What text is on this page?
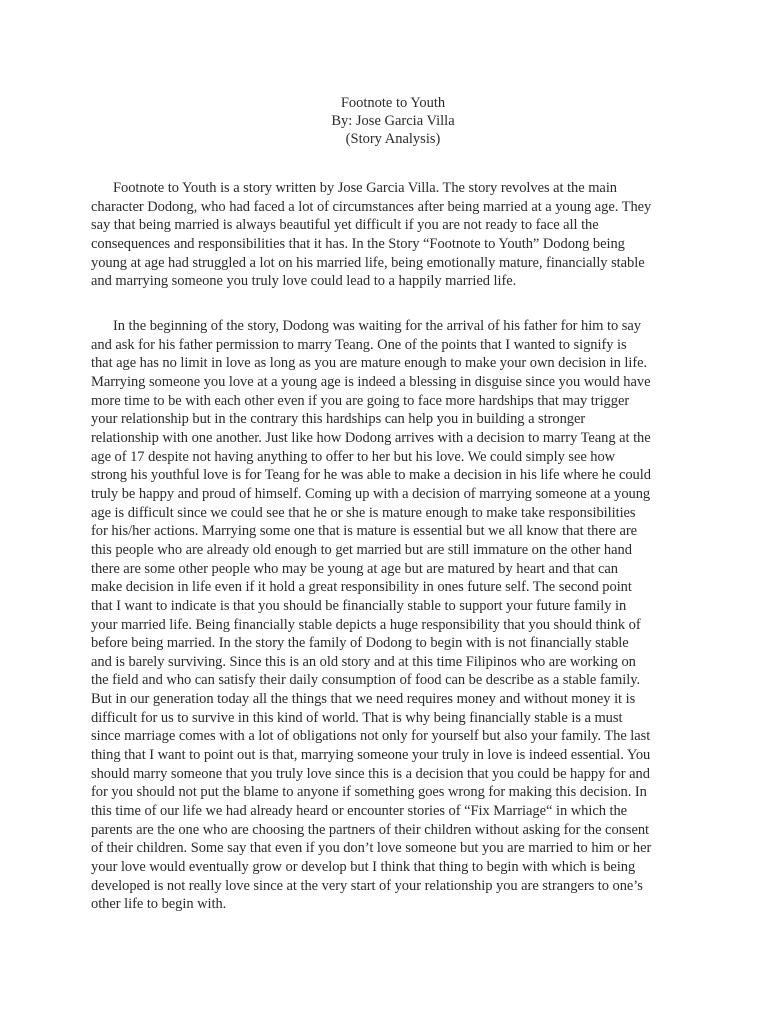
Footnote to Youth
By: Jose Garcia Villa
(Story Analysis)
Footnote to Youth is a story written by Jose Garcia Villa. The story revolves at the main
character Dodong, who had faced a lot of circumstances after being married at a young age. They
say that being married is always beautiful yet difficult if you are not ready to face all the
consequences and responsibilities that it has. In the Story “Footnote to Youth” Dodong being
young at age had struggled a lot on his married life, being emotionally mature, financially stable
and marrying someone you truly love could lead to a happily married life.
In the beginning of the story, Dodong was waiting for the arrival of his father for him to say
and ask for his father permission to marry Teang. One of the points that I wanted to signify is
that age has no limit in love as long as you are mature enough to make your own decision in life.
Marrying someone you love at a young age is indeed a blessing in disguise since you would have
more time to be with each other even if you are going to face more hardships that may trigger
your relationship but in the contrary this hardships can help you in building a stronger
relationship with one another. Just like how Dodong arrives with a decision to marry Teang at the
age of 17 despite not having anything to offer to her but his love. We could simply see how
strong his youthful love is for Teang for he was able to make a decision in his life where he could
truly be happy and proud of himself. Coming up with a decision of marrying someone at a young
age is difficult since we could see that he or she is mature enough to make take responsibilities
for his/her actions. Marrying some one that is mature is essential but we all know that there are
this people who are already old enough to get married but are still immature on the other hand
there are some other people who may be young at age but are matured by heart and that can
make decision in life even if it hold a great responsibility in ones future self. The second point
that I want to indicate is that you should be financially stable to support your future family in
your married life. Being financially stable depicts a huge responsibility that you should think of
before being married. In the story the family of Dodong to begin with is not financially stable
and is barely surviving. Since this is an old story and at this time Filipinos who are working on
the field and who can satisfy their daily consumption of food can be describe as a stable family.
But in our generation today all the things that we need requires money and without money it is
difficult for us to survive in this kind of world. That is why being financially stable is a must
since marriage comes with a lot of obligations not only for yourself but also your family. The last
thing that I want to point out is that, marrying someone your truly in love is indeed essential. You
should marry someone that you truly love since this is a decision that you could be happy for and
for you should not put the blame to anyone if something goes wrong for making this decision. In
this time of our life we had already heard or encounter stories of “Fix Marriage“ in which the
parents are the one who are choosing the partners of their children without asking for the consent
of their children. Some say that even if you don’t love someone but you are married to him or her
your love would eventually grow or develop but I think that thing to begin with which is being
developed is not really love since at the very start of your relationship you are strangers to one’s
other life to begin with.
